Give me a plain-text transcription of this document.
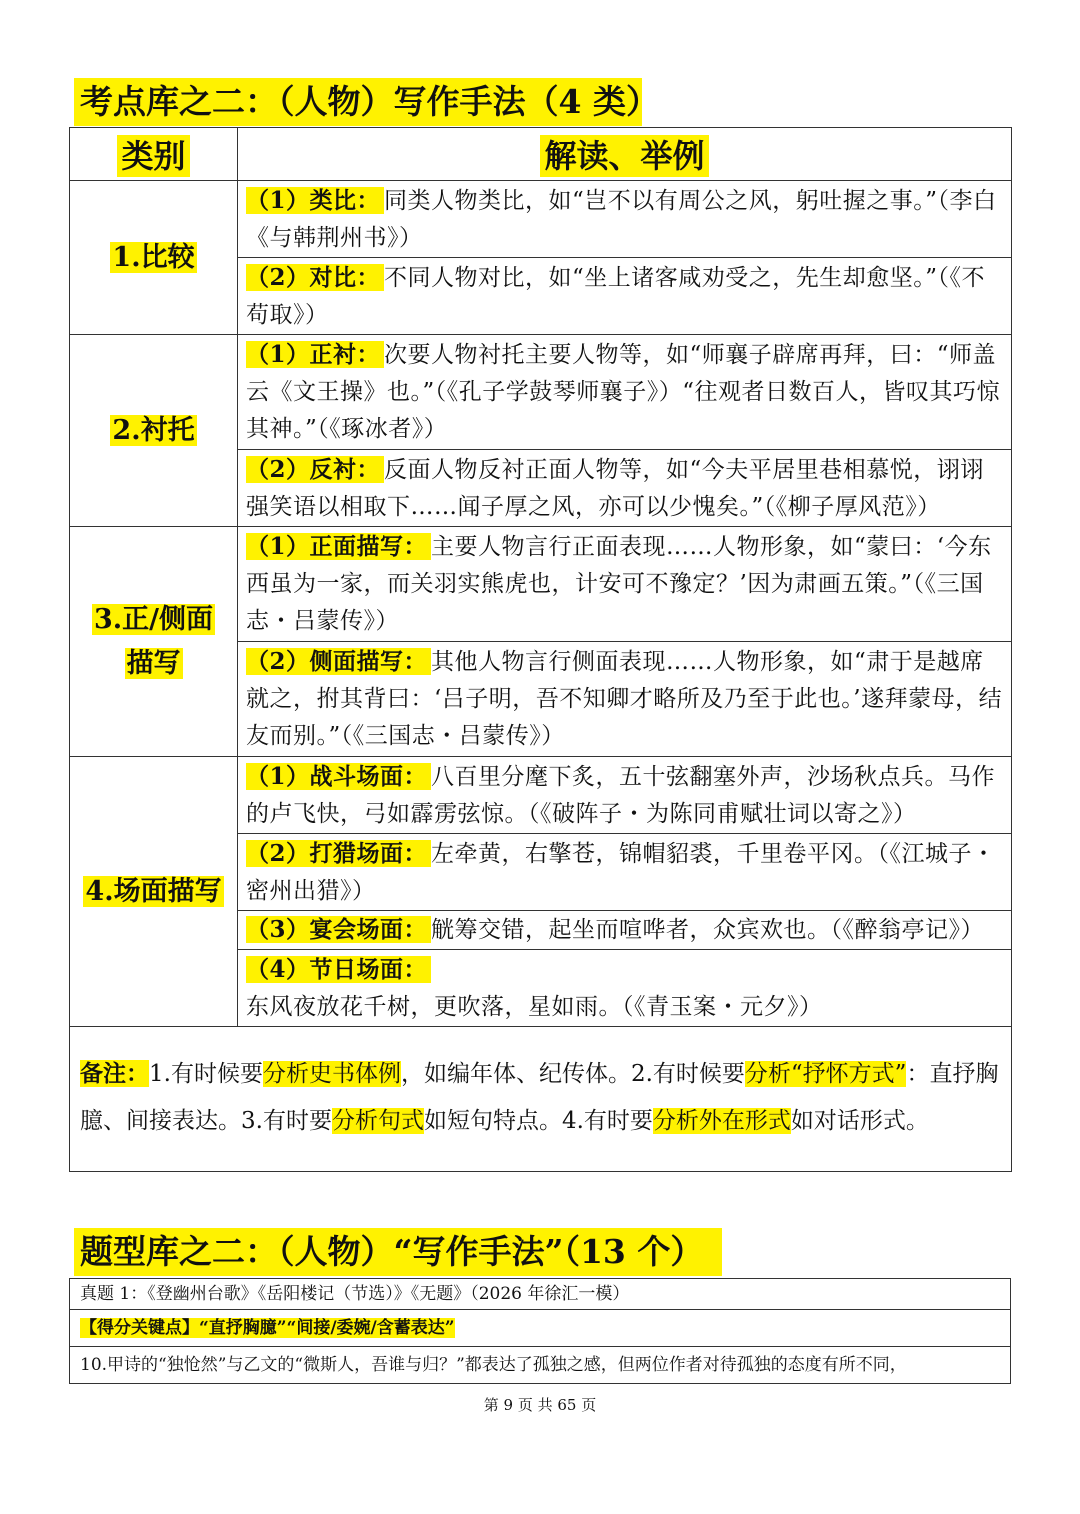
考点库之二：（人物）写作手法（4 类）
类别	解读、举例
1.比较	（1）类比： 同类人物类比，如“岂不以有周公之风，躬吐握之事。”（李白《与韩荆州书》）
	（2）对比： 不同人物对比，如“坐上诸客咸劝受之，先生却愈坚。”（《不苟取》）
2.衬托	（1）正衬： 次要人物衬托主要人物等，如“师襄子辟席再拜，曰：“师盖云《文王操》也。”（《孔子学鼓琴师襄子》）“往观者日数百人，皆叹其巧惊其神。”（《琢冰者》）
	（2）反衬： 反面人物反衬正面人物等，如“今夫平居里巷相慕悦，诩诩强笑语以相取下……闻子厚之风，亦可以少愧矣。”（《柳子厚风范》）
3.正/侧面
描写	（1）正面描写： 主要人物言行正面表现……人物形象，如“蒙曰：‘今东西虽为一家，而关羽实熊虎也，计安可不豫定？’因为肃画五策。”（《三国志・吕蒙传》）
	（2）侧面描写： 其他人物言行侧面表现……人物形象，如“肃于是越席就之，拊其背曰：‘吕子明，吾不知卿才略所及乃至于此也。’遂拜蒙母，结友而别。”（《三国志・吕蒙传》）
4.场面描写	（1）战斗场面： 八百里分麾下炙，五十弦翻塞外声，沙场秋点兵。马作的卢飞快，弓如霹雳弦惊。（《破阵子・为陈同甫赋壮词以寄之》）
	（2）打猎场面： 左牵黄，右擎苍，锦帽貂裘，千里卷平冈。（《江城子・密州出猎》）
	（3）宴会场面： 觥筹交错，起坐而喧哗者，众宾欢也。（《醉翁亭记》）
	（4）节日场面：东风夜放花千树，更吹落，星如雨。（《青玉案・元夕》）
备注：1.有时候要分析史书体例，如编年体、纪传体。2.有时候要分析“抒怀方式”：直抒胸臆、间接表达。3.有时要分析句式如短句特点。4.有时要分析外在形式如对话形式。	
题型库之二：（人物）“写作手法”（13 个）
真题 1：《登幽州台歌》《岳阳楼记（节选）》《无题》（2026 年徐汇一模）
【得分关键点】“直抒胸臆”“间接/委婉/含蓄表达”
10.甲诗的“独怆然”与乙文的“微斯人，吾谁与归？”都表达了孤独之感，但两位作者对待孤独的态度有所不同，
第 9 页 共 65 页
